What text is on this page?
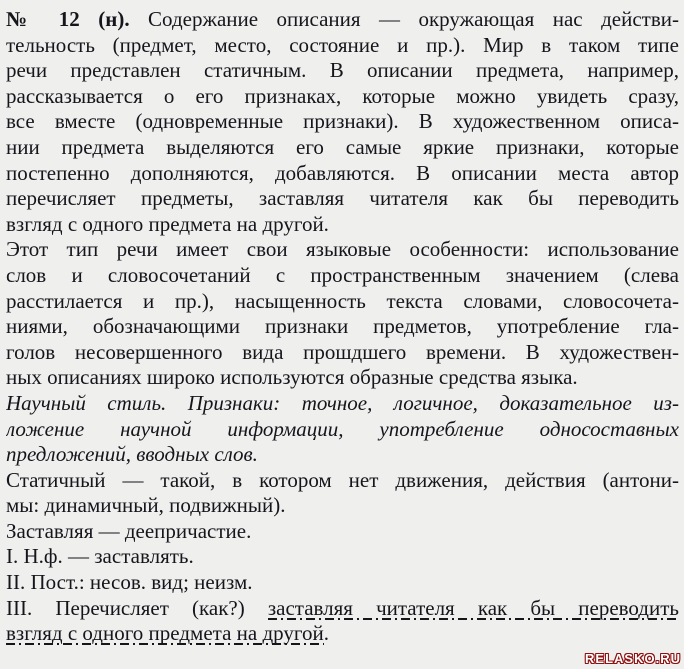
№ 12 (н). Содержание описания — окружающая нас действи-
тельность (предмет, место, состояние и пр.). Мир в таком типе
речи представлен статичным. В описании предмета, например,
рассказывается о его признаках, которые можно увидеть сразу,
все вместе (одновременные признаки). В художественном описа-
нии предмета выделяются его самые яркие признаки, которые
постепенно дополняются, добавляются. В описании места автор
перечисляет предметы, заставляя читателя как бы переводить
взгляд с одного предмета на другой.
Этот тип речи имеет свои языковые особенности: использование
слов и словосочетаний с пространственным значением (слева
расстилается и пр.), насыщенность текста словами, словосочета-
ниями, обозначающими признаки предметов, употребление гла-
голов несовершенного вида прошдшего времени. В художествен-
ных описаниях широко используются образные средства языка.
Научный стиль. Признаки: точное, логичное, доказательное из-
ложение научной информации, употребление односоставных
предложений, вводных слов.
Статичный — такой, в котором нет движения, действия (антони-
мы: динамичный, подвижный).
Заставляя — деепричастие.
I. Н.ф. — заставлять.
II. Пост.: несов. вид; неизм.
III. Перечисляет (как?) заставляя читателя как бы переводить
взгляд с одного предмета на другой.
RELASKO.RU
